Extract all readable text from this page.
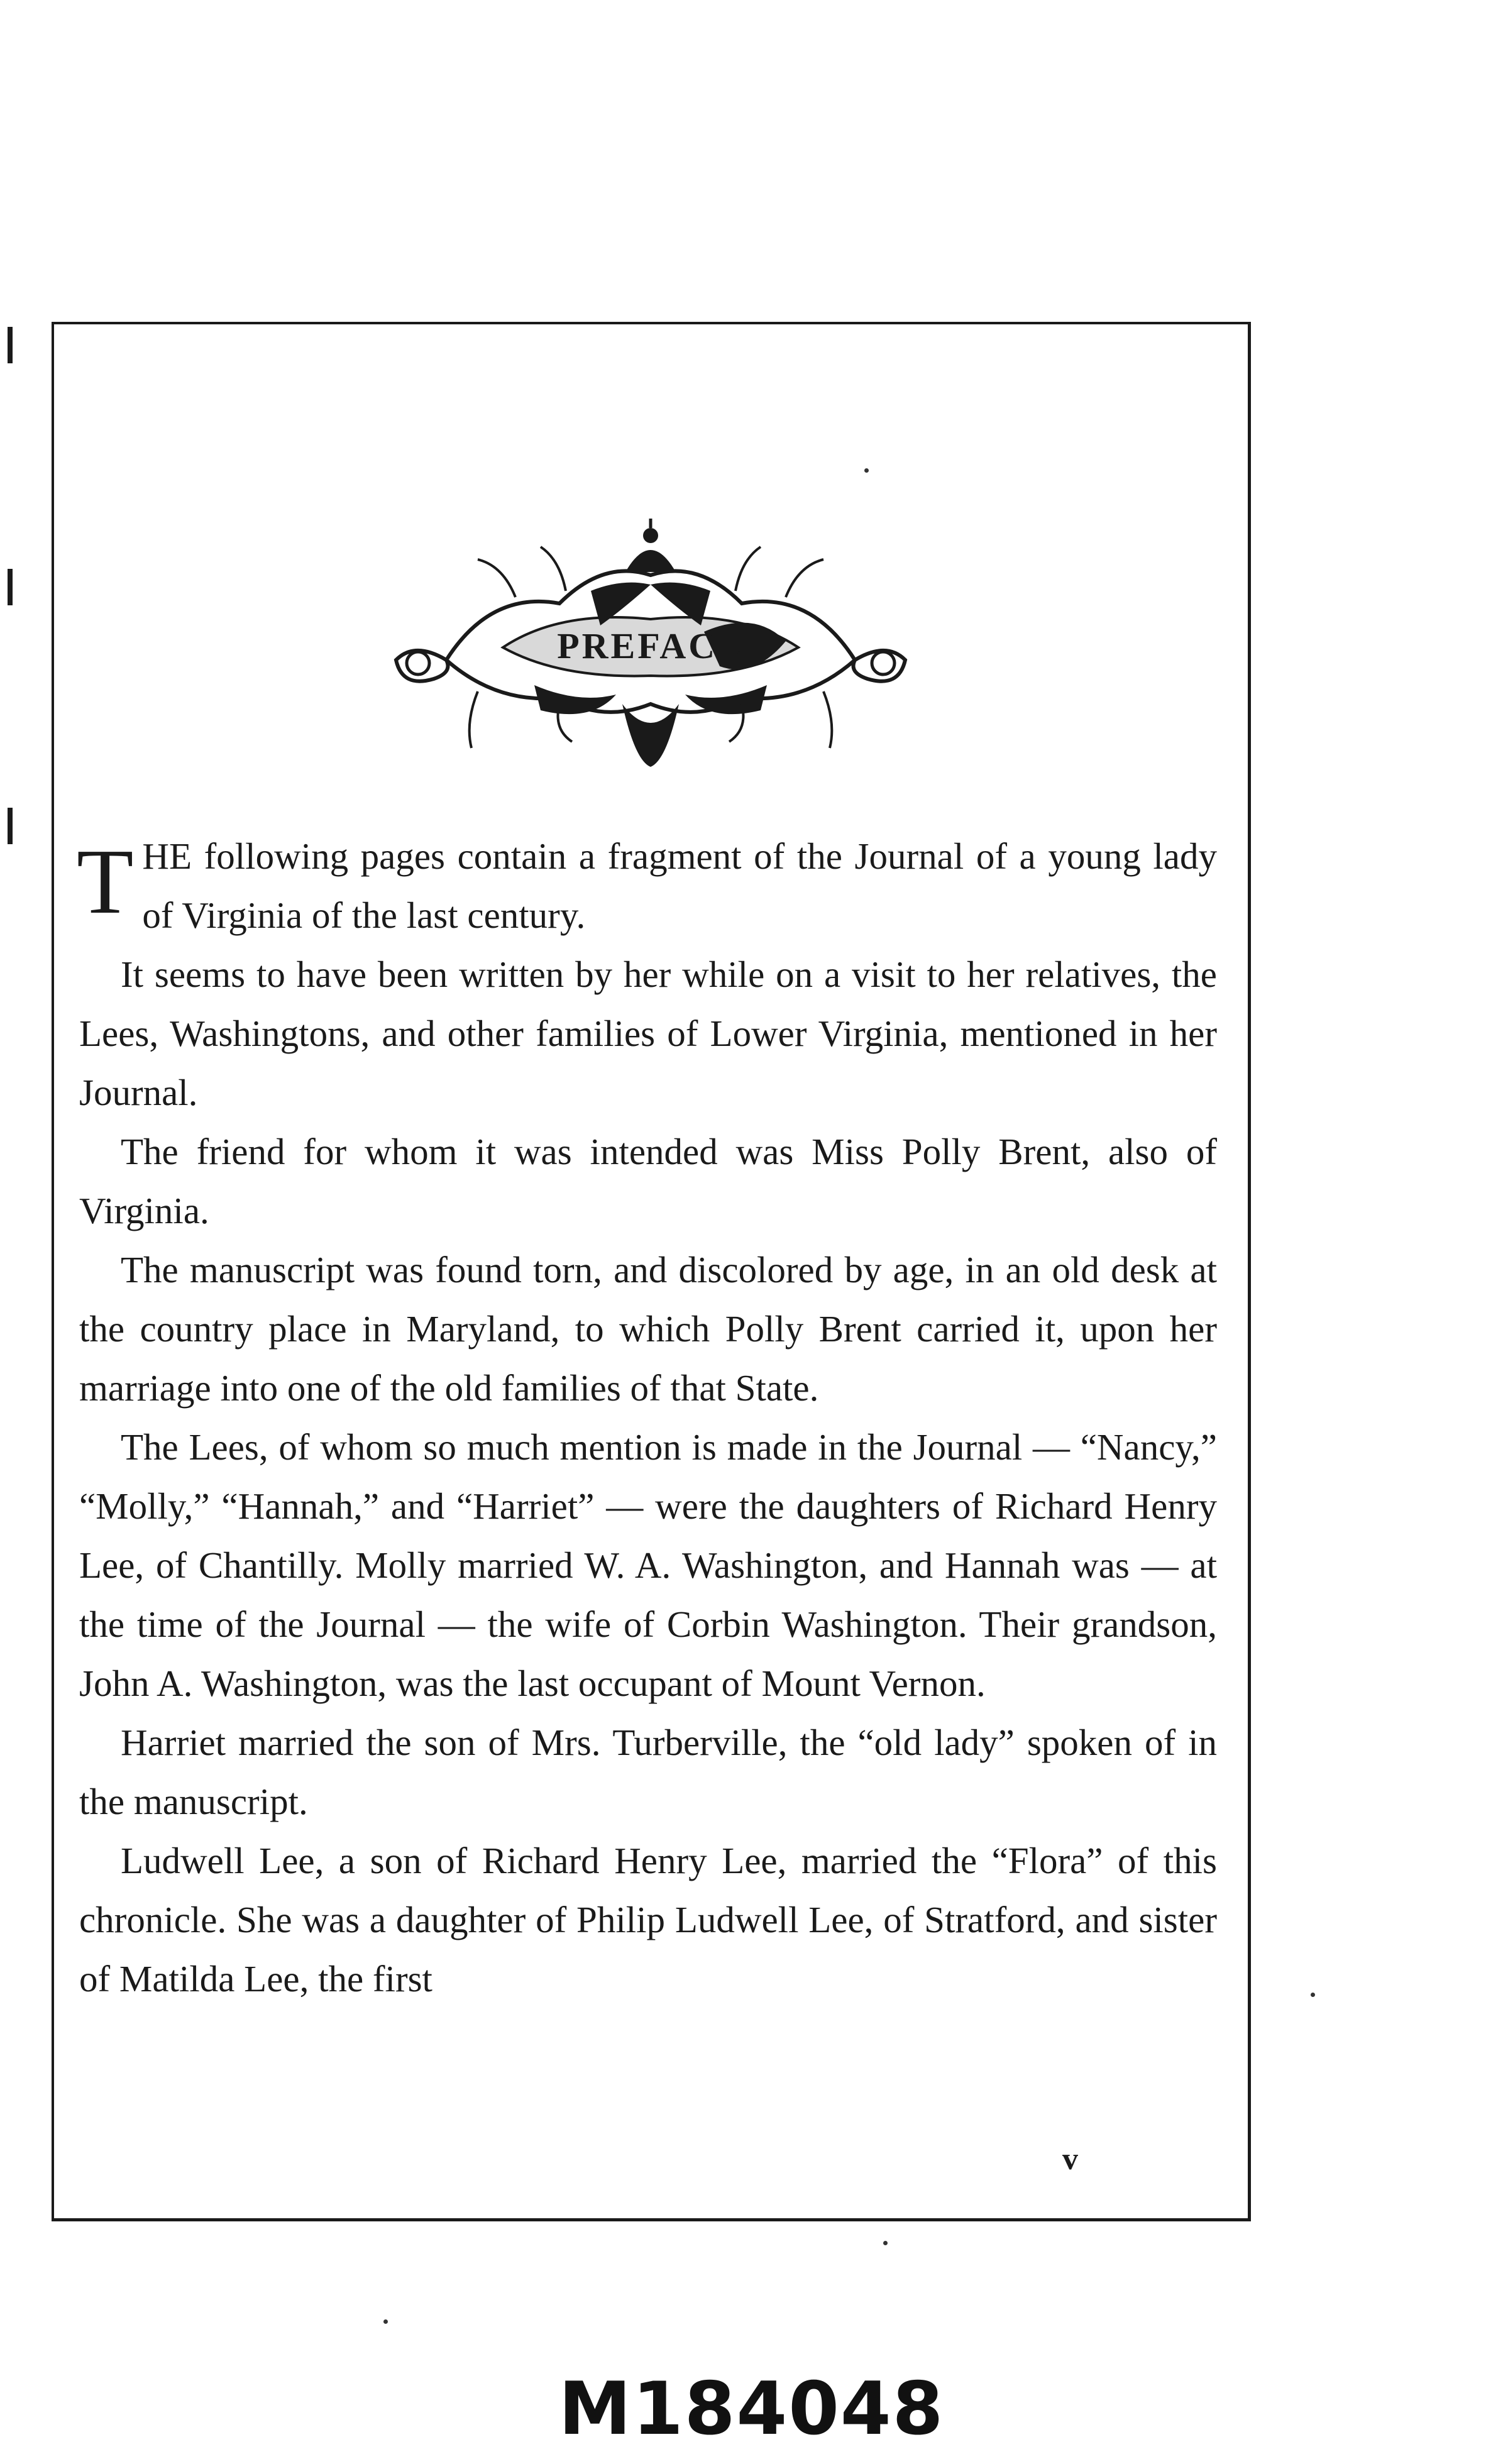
PREFACE

T HE following pages contain a fragment of the Journal of a young lady of Virginia of the last century.

It seems to have been written by her while on a visit to her relatives, the Lees, Washingtons, and other families of Lower Virginia, mentioned in her Journal.

The friend for whom it was intended was Miss Polly Brent, also of Virginia.

The manuscript was found torn, and discolored by age, in an old desk at the country place in Maryland, to which Polly Brent carried it, upon her marriage into one of the old families of that State.

The Lees, of whom so much mention is made in the Journal — “Nancy,” “Molly,” “Hannah,” and “Harriet” — were the daughters of Richard Henry Lee, of Chantilly. Molly married W. A. Washington, and Hannah was — at the time of the Journal — the wife of Corbin Washington. Their grandson, John A. Washington, was the last occupant of Mount Vernon.

Harriet married the son of Mrs. Turberville, the “old lady” spoken of in the manuscript.

Ludwell Lee, a son of Richard Henry Lee, married the “Flora” of this chronicle. She was a daughter of Philip Ludwell Lee, of Stratford, and sister of Matilda Lee, the first

v
M184048
